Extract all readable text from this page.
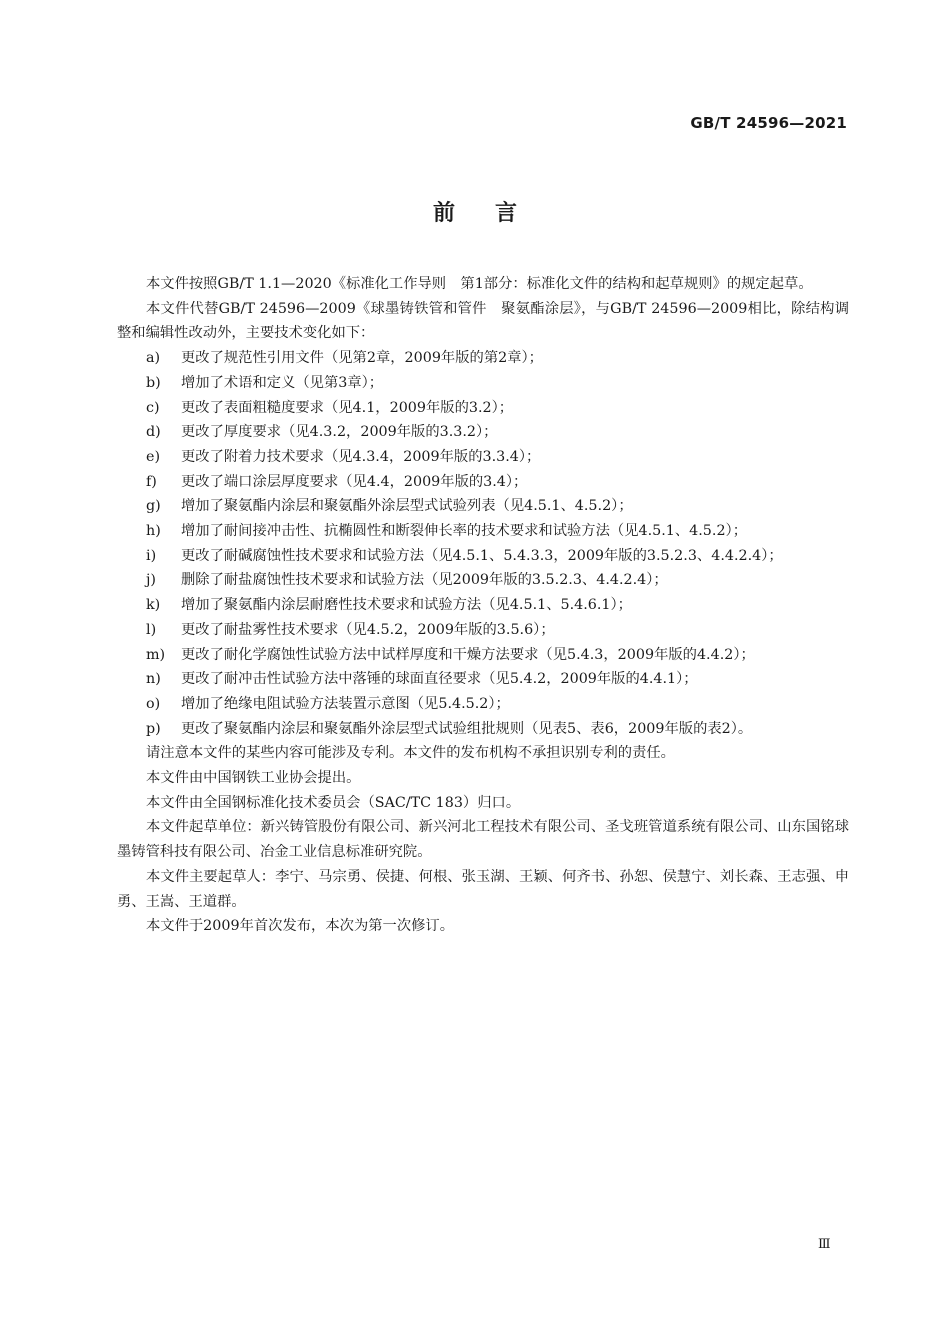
GB/T 24596—2021
前言

本文件按照GB/T 1.1—2020《标准化工作导则　第1部分：标准化文件的结构和起草规则》的规定起草。

本文件代替GB/T 24596—2009《球墨铸铁管和管件　聚氨酯涂层》，与GB/T 24596—2009相比，除结构调整和编辑性改动外，主要技术变化如下：

a) 更改了规范性引用文件（见第2章，2009年版的第2章）；
b) 增加了术语和定义（见第3章）；
c) 更改了表面粗糙度要求（见4.1，2009年版的3.2）；
d) 更改了厚度要求（见4.3.2，2009年版的3.3.2）；
e) 更改了附着力技术要求（见4.3.4，2009年版的3.3.4）；
f) 更改了端口涂层厚度要求（见4.4，2009年版的3.4）；
g) 增加了聚氨酯内涂层和聚氨酯外涂层型式试验列表（见4.5.1、4.5.2）；
h) 增加了耐间接冲击性、抗椭圆性和断裂伸长率的技术要求和试验方法（见4.5.1、4.5.2）；
i) 更改了耐碱腐蚀性技术要求和试验方法（见4.5.1、5.4.3.3，2009年版的3.5.2.3、4.4.2.4）；
j) 删除了耐盐腐蚀性技术要求和试验方法（见2009年版的3.5.2.3、4.4.2.4）；
k) 增加了聚氨酯内涂层耐磨性技术要求和试验方法（见4.5.1、5.4.6.1）；
l) 更改了耐盐雾性技术要求（见4.5.2，2009年版的3.5.6）；
m) 更改了耐化学腐蚀性试验方法中试样厚度和干燥方法要求（见5.4.3，2009年版的4.4.2）；
n) 更改了耐冲击性试验方法中落锤的球面直径要求（见5.4.2，2009年版的4.4.1）；
o) 增加了绝缘电阻试验方法装置示意图（见5.4.5.2）；
p) 更改了聚氨酯内涂层和聚氨酯外涂层型式试验组批规则（见表5、表6，2009年版的表2）。

请注意本文件的某些内容可能涉及专利。本文件的发布机构不承担识别专利的责任。

本文件由中国钢铁工业协会提出。

本文件由全国钢标准化技术委员会（SAC/TC 183）归口。

本文件起草单位：新兴铸管股份有限公司、新兴河北工程技术有限公司、圣戈班管道系统有限公司、山东国铭球墨铸管科技有限公司、冶金工业信息标准研究院。

本文件主要起草人：李宁、马宗勇、侯捷、何根、张玉湖、王颖、何齐书、孙恕、侯慧宁、刘长森、王志强、申勇、王嵩、王道群。

本文件于2009年首次发布，本次为第一次修订。

Ⅲ
